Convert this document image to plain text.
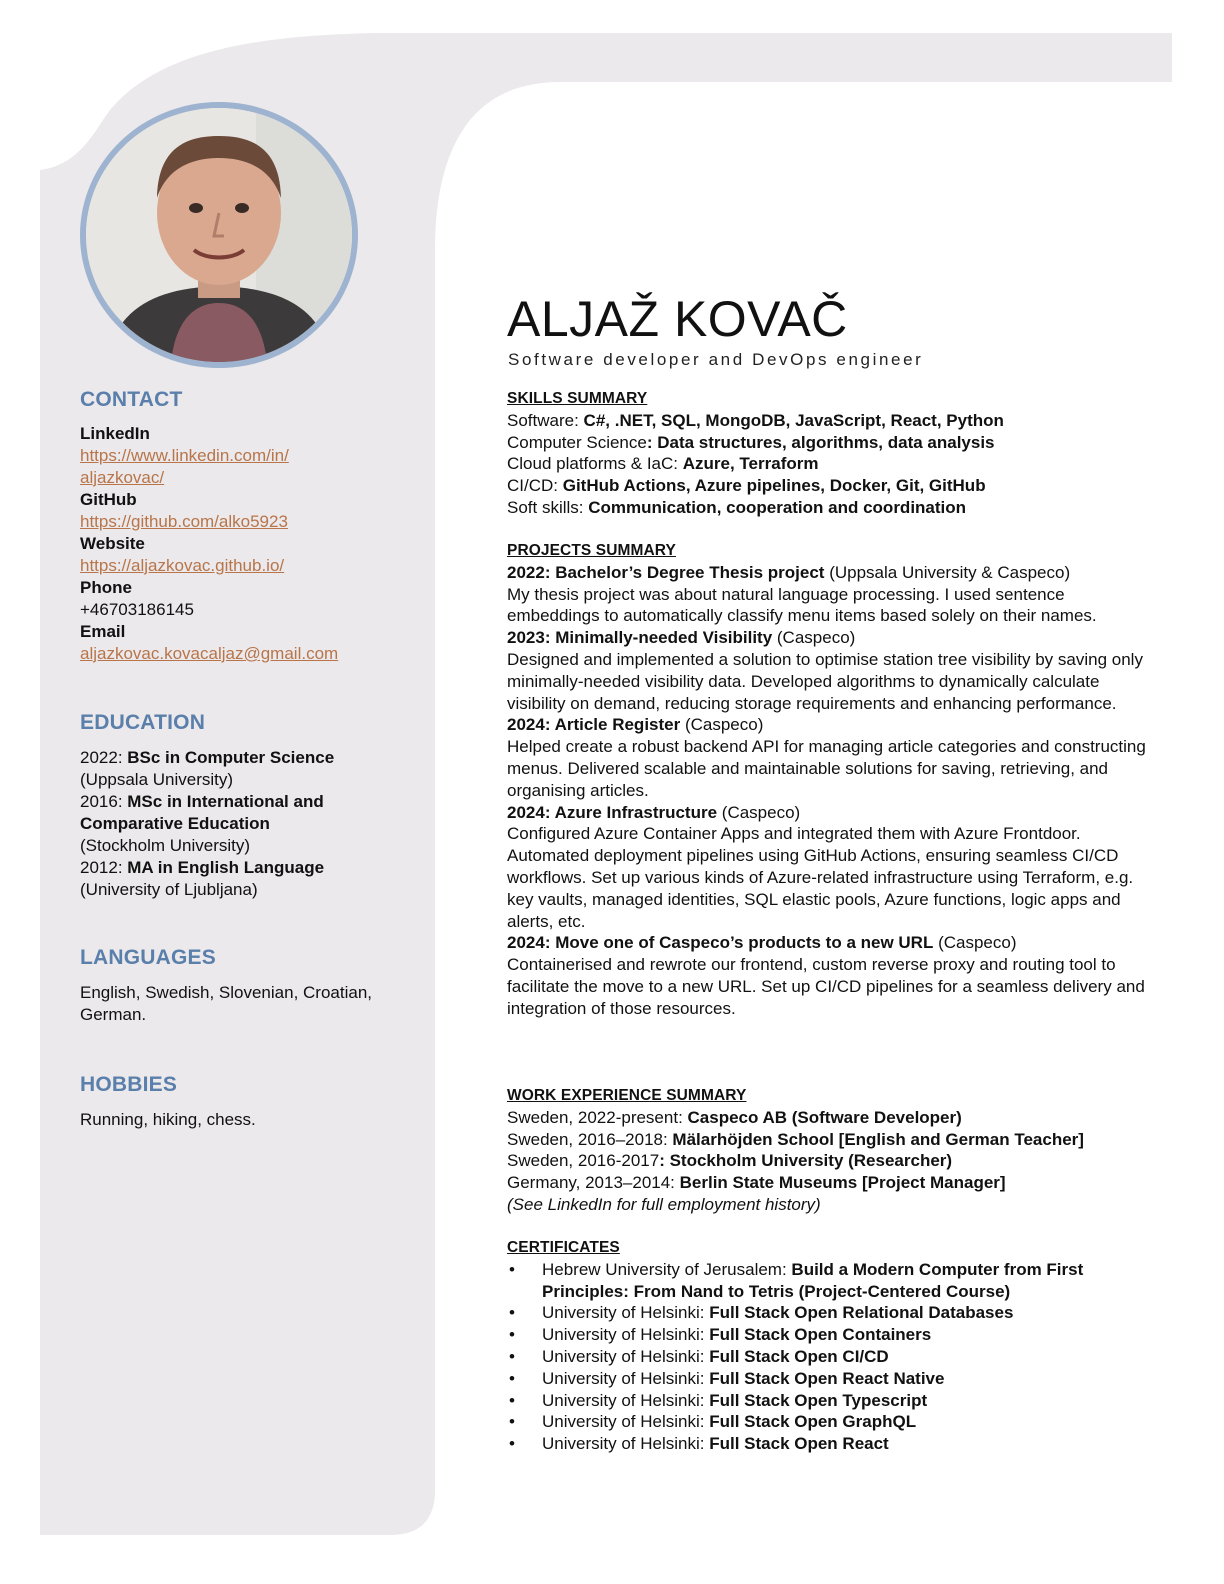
CONTACT
LinkedIn
https://www.linkedin.com/in/
aljazkovac/
GitHub
https://github.com/alko5923
Website
https://aljazkovac.github.io/
Phone
+46703186145
Email
aljazkovac.kovacaljaz@gmail.com
EDUCATION
2022: BSc in Computer Science
(Uppsala University)
2016: MSc in International and Comparative Education
(Stockholm University)
2012: MA in English Language
(University of Ljubljana)
LANGUAGES
English, Swedish, Slovenian, Croatian, German.
HOBBIES
Running, hiking, chess.
ALJAŽ KOVAČ
Software developer and DevOps engineer
SKILLS SUMMARY
Software: C#, .NET, SQL, MongoDB, JavaScript, React, Python
Computer Science: Data structures, algorithms, data analysis
Cloud platforms & IaC: Azure, Terraform
CI/CD: GitHub Actions, Azure pipelines, Docker, Git, GitHub
Soft skills: Communication, cooperation and coordination
PROJECTS SUMMARY
2022: Bachelor’s Degree Thesis project (Uppsala University & Caspeco)
My thesis project was about natural language processing. I used sentence embeddings to automatically classify menu items based solely on their names.
2023: Minimally-needed Visibility (Caspeco)
Designed and implemented a solution to optimise station tree visibility by saving only minimally-needed visibility data. Developed algorithms to dynamically calculate visibility on demand, reducing storage requirements and enhancing performance.
2024: Article Register (Caspeco)
Helped create a robust backend API for managing article categories and constructing menus. Delivered scalable and maintainable solutions for saving, retrieving, and organising articles.
2024: Azure Infrastructure (Caspeco)
Configured Azure Container Apps and integrated them with Azure Frontdoor. Automated deployment pipelines using GitHub Actions, ensuring seamless CI/CD workflows. Set up various kinds of Azure-related infrastructure using Terraform, e.g. key vaults, managed identities, SQL elastic pools, Azure functions, logic apps and alerts, etc.
2024: Move one of Caspeco’s products to a new URL (Caspeco)
Containerised and rewrote our frontend, custom reverse proxy and routing tool to facilitate the move to a new URL. Set up CI/CD pipelines for a seamless delivery and integration of those resources.
WORK EXPERIENCE SUMMARY
Sweden, 2022-present: Caspeco AB (Software Developer)
Sweden, 2016–2018: Mälarhöjden School [English and German Teacher]
Sweden, 2016-2017: Stockholm University (Researcher)
Germany, 2013–2014: Berlin State Museums [Project Manager]
(See LinkedIn for full employment history)
CERTIFICATES
• Hebrew University of Jerusalem: Build a Modern Computer from First Principles: From Nand to Tetris (Project-Centered Course)
• University of Helsinki: Full Stack Open Relational Databases
• University of Helsinki: Full Stack Open Containers
• University of Helsinki: Full Stack Open CI/CD
• University of Helsinki: Full Stack Open React Native
• University of Helsinki: Full Stack Open Typescript
• University of Helsinki: Full Stack Open GraphQL
• University of Helsinki: Full Stack Open React
